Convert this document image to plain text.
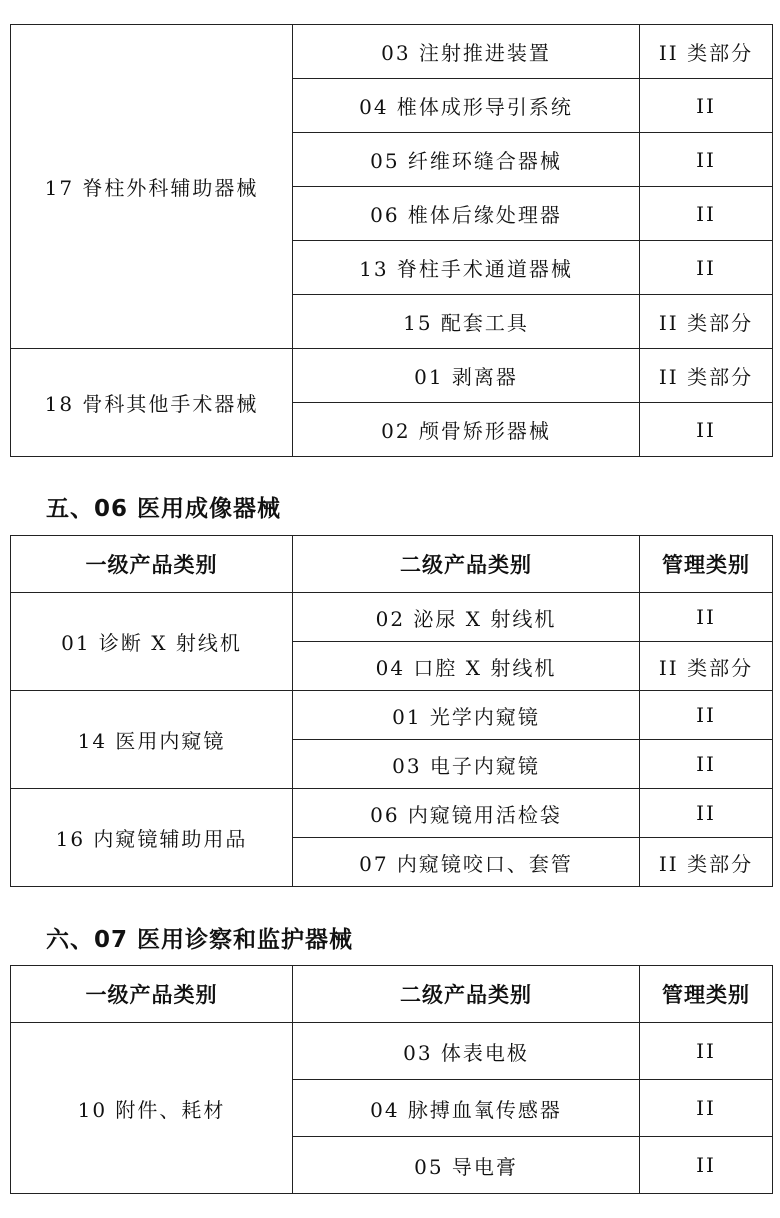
17 脊柱外科辅助器械	03 注射推进装置	II 类部分
	04 椎体成形导引系统	II
	05 纤维环缝合器械	II
	06 椎体后缘处理器	II
	13 脊柱手术通道器械	II
	15 配套工具	II 类部分
18 骨科其他手术器械	01 剥离器	II 类部分
	02 颅骨矫形器械	II
五、06 医用成像器械
一级产品类别	二级产品类别	管理类别
01 诊断 X 射线机	02 泌尿 X 射线机	II
	04 口腔 X 射线机	II 类部分
14 医用内窥镜	01 光学内窥镜	II
	03 电子内窥镜	II
16 内窥镜辅助用品	06 内窥镜用活检袋	II
	07 内窥镜咬口、套管	II 类部分
六、07 医用诊察和监护器械
一级产品类别	二级产品类别	管理类别
10 附件、耗材	03 体表电极	II
	04 脉搏血氧传感器	II
	05 导电膏	II
